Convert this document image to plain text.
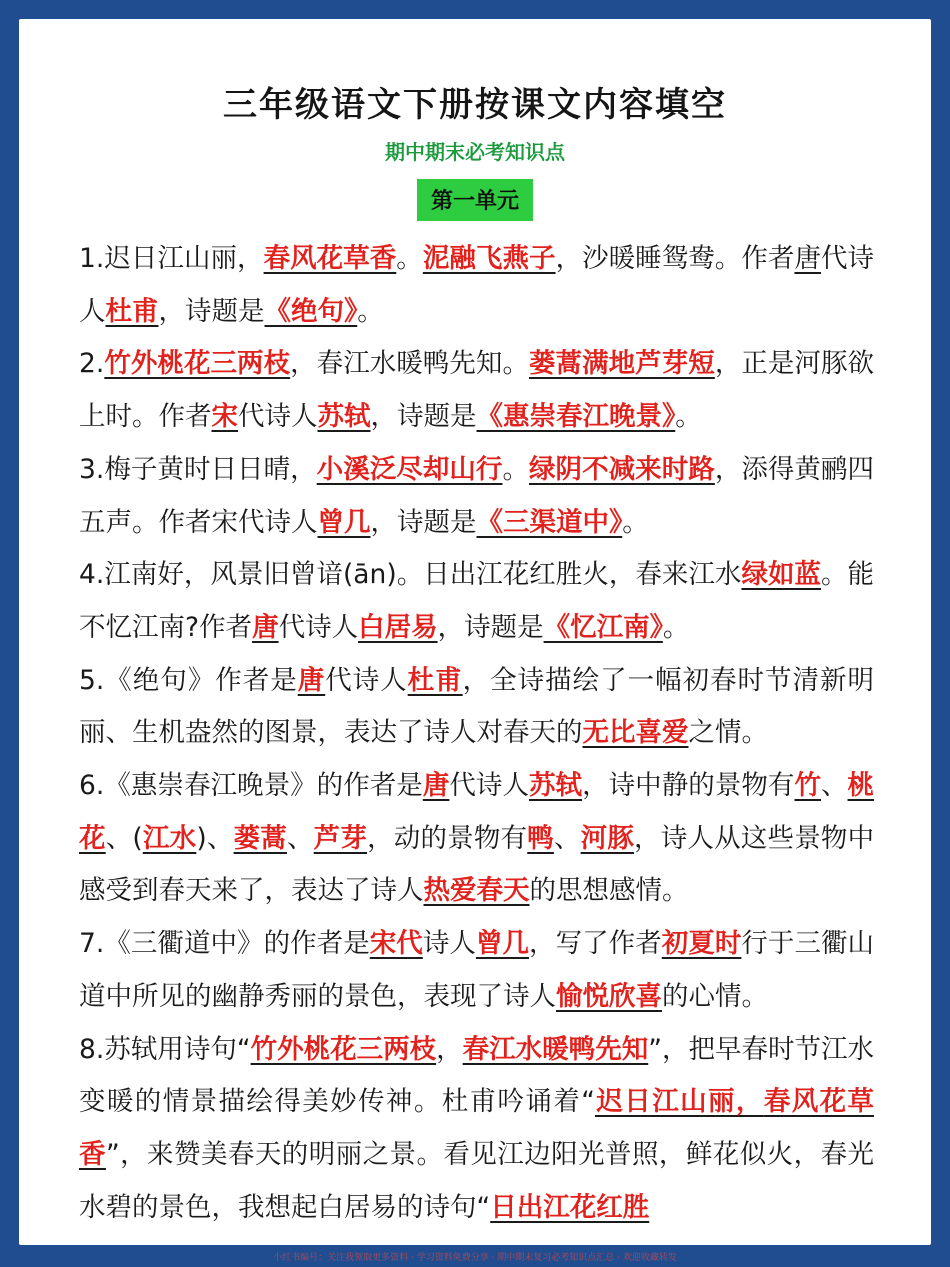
三年级语文下册按课文内容填空
期中期末必考知识点
第一单元

1.迟日江山丽，春风花草香。泥融飞燕子，沙暖睡鸳鸯。作者唐代诗人杜甫，诗题是《绝句》。

2.竹外桃花三两枝，春江水暖鸭先知。蒌蒿满地芦芽短，正是河豚欲上时。作者宋代诗人苏轼，诗题是《惠崇春江晚景》。

3.梅子黄时日日晴，小溪泛尽却山行。绿阴不减来时路，添得黄鹂四五声。作者宋代诗人曾几，诗题是《三渠道中》。

4.江南好，风景旧曾谙(ān)。日出江花红胜火，春来江水绿如蓝。能不忆江南?作者唐代诗人白居易，诗题是《忆江南》。

5.《绝句》作者是唐代诗人杜甫，全诗描绘了一幅初春时节清新明丽、生机盎然的图景，表达了诗人对春天的无比喜爱之情。

6.《惠崇春江晚景》的作者是唐代诗人苏轼，诗中静的景物有竹、桃花、(江水)、蒌蒿、芦芽，动的景物有鸭、河豚，诗人从这些景物中感受到春天来了，表达了诗人热爱春天的思想感情。

7.《三衢道中》的作者是宋代诗人曾几，写了作者初夏时行于三衢山道中所见的幽静秀丽的景色，表现了诗人愉悦欣喜的心情。

8.苏轼用诗句“竹外桃花三两枝，春江水暖鸭先知”，把早春时节江水变暖的情景描绘得美妙传神。杜甫吟诵着“迟日江山丽，春风花草香”，来赞美春天的明丽之景。看见江边阳光普照，鲜花似火，春光水碧的景色，我想起白居易的诗句“日出江花红胜

小红书编号：关注我领取更多资料 · 学习资料免费分享 · 期中期末复习必考知识点汇总 · 欢迎收藏转发
